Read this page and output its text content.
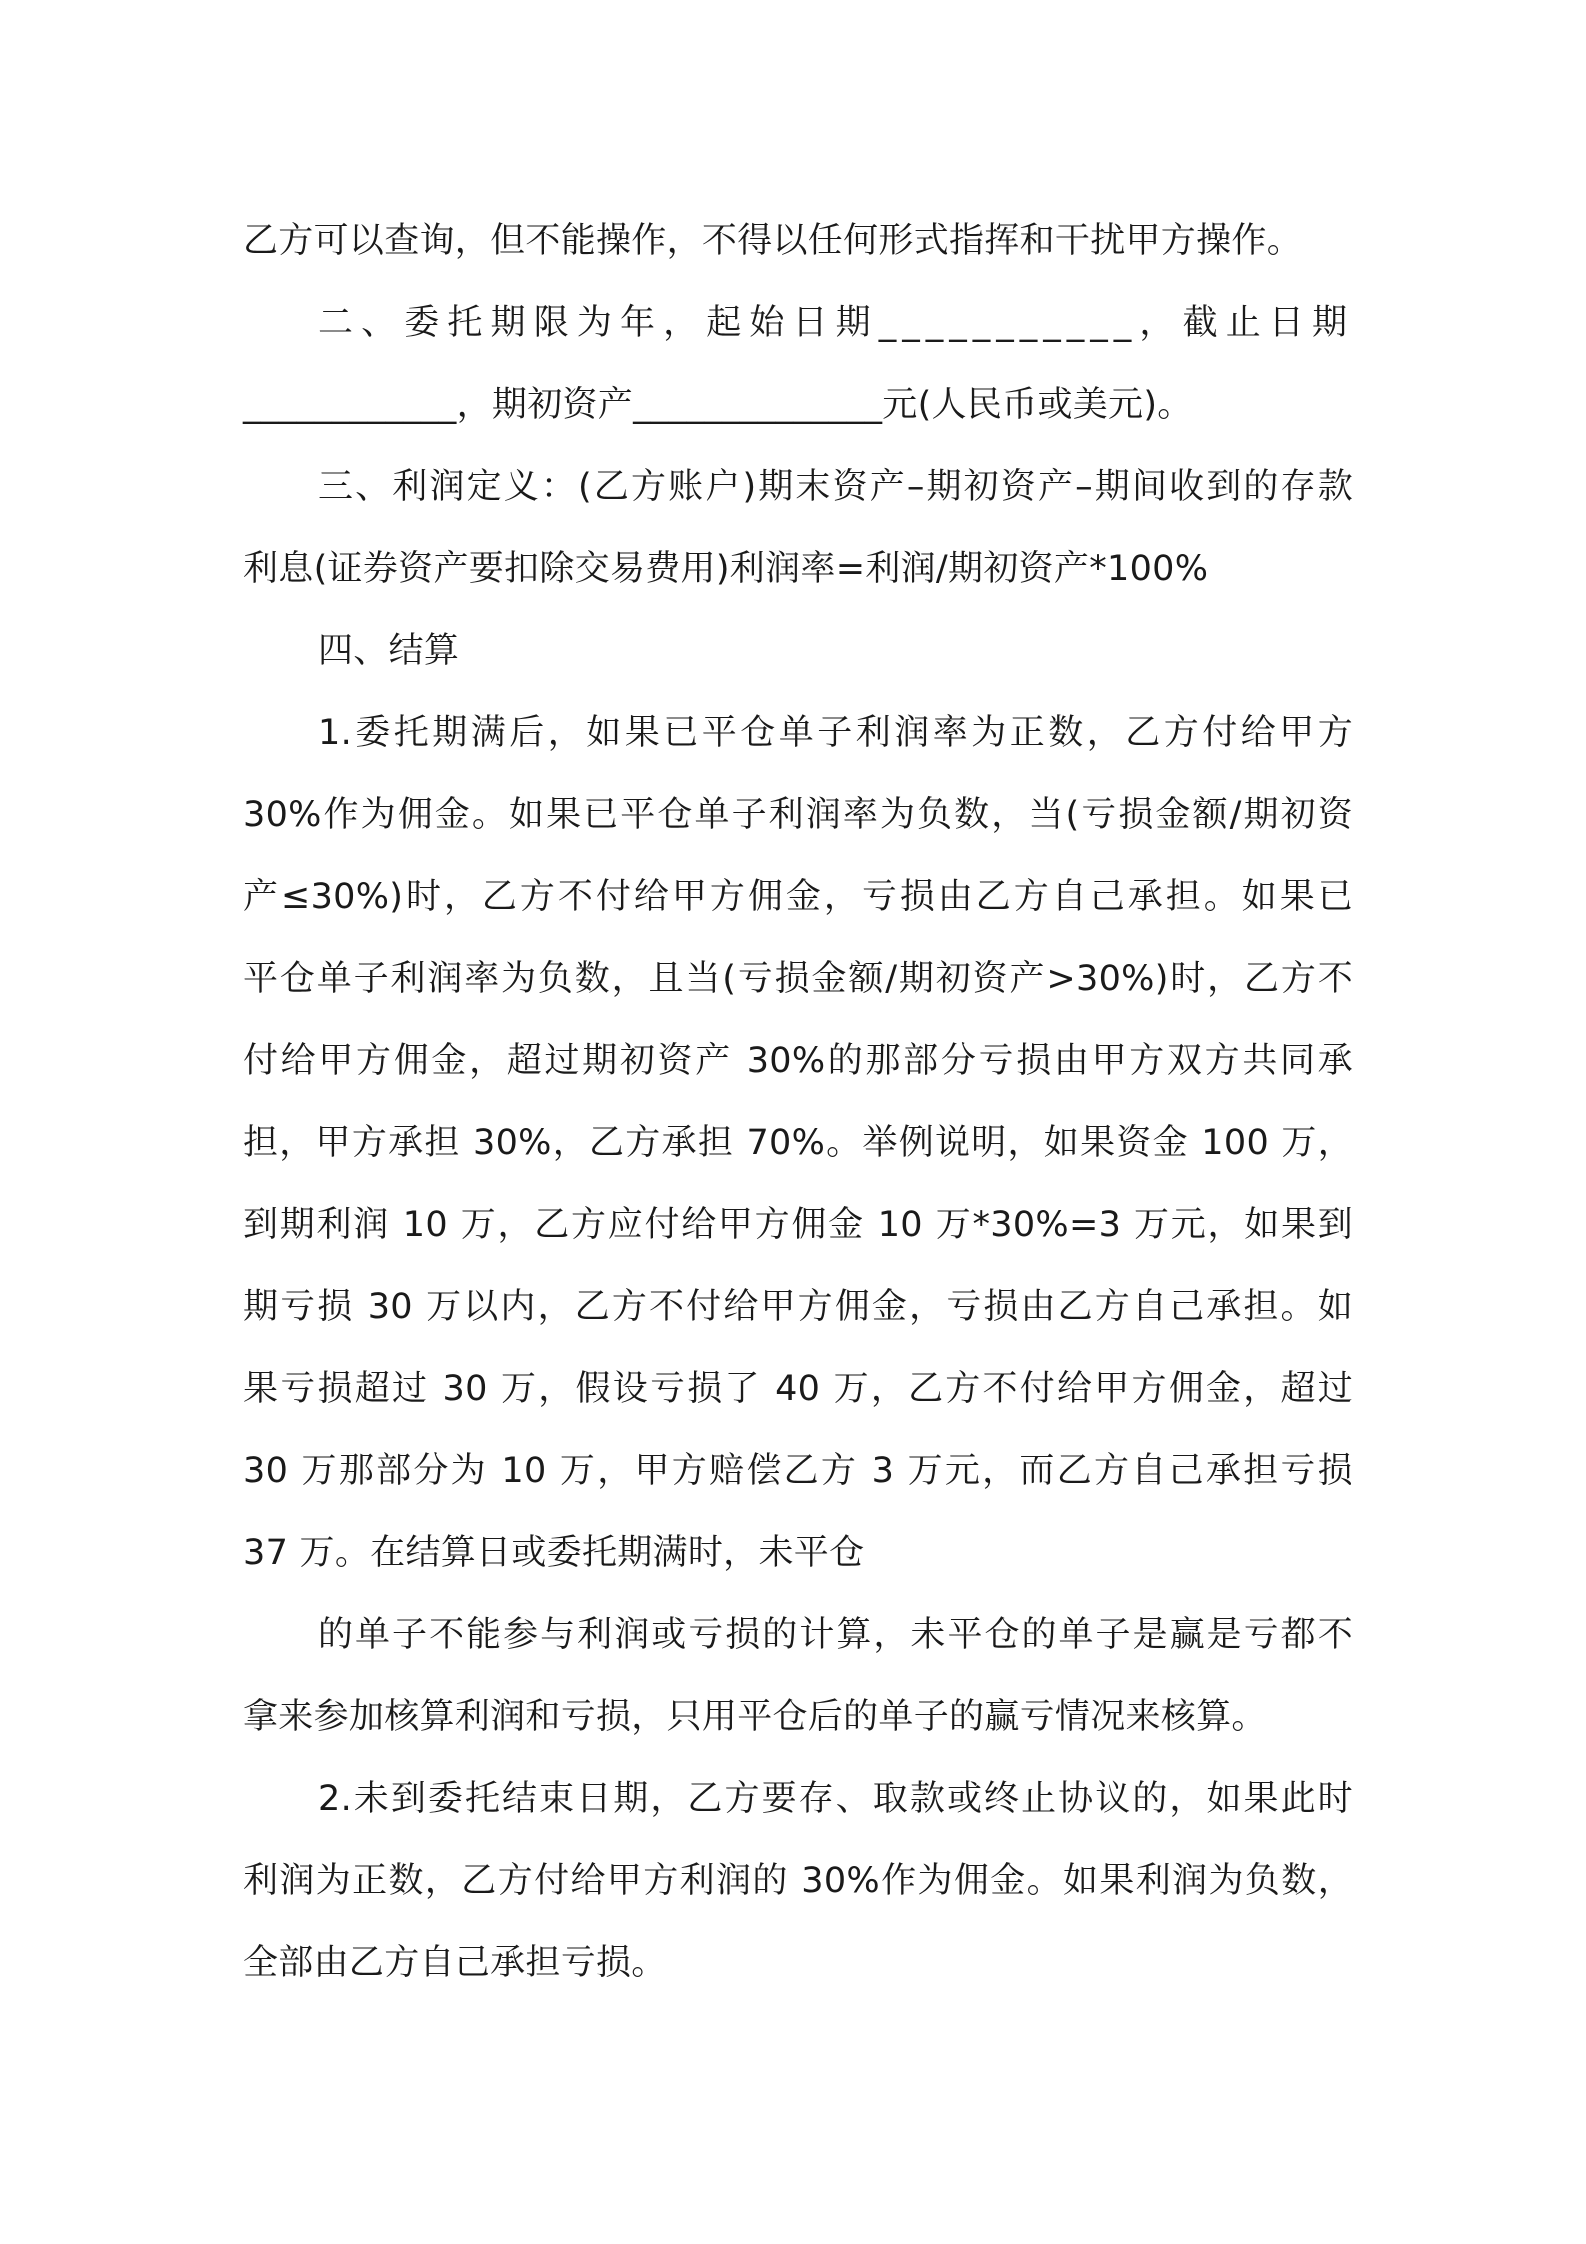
乙方可以查询，但不能操作，不得以任何形式指挥和干扰甲方操作。
二、委托期限为年，起始日期___________，截止日期
____________，期初资产______________元(人民币或美元)。
三、利润定义：(乙方账户)期末资产–期初资产–期间收到的存款
利息(证券资产要扣除交易费用)利润率=利润/期初资产*100%
四、结算
1.委托期满后，如果已平仓单子利润率为正数，乙方付给甲方
30%作为佣金。如果已平仓单子利润率为负数，当(亏损金额/期初资
产≤30%)时，乙方不付给甲方佣金，亏损由乙方自己承担。如果已
平仓单子利润率为负数，且当(亏损金额/期初资产>30%)时，乙方不
付给甲方佣金，超过期初资产 30%的那部分亏损由甲方双方共同承
担，甲方承担 30%，乙方承担 70%。举例说明，如果资金 100 万，
到期利润 10 万，乙方应付给甲方佣金 10 万*30%=3 万元，如果到
期亏损 30 万以内，乙方不付给甲方佣金，亏损由乙方自己承担。如
果亏损超过 30 万，假设亏损了 40 万，乙方不付给甲方佣金，超过
30 万那部分为 10 万，甲方赔偿乙方 3 万元，而乙方自己承担亏损
37 万。在结算日或委托期满时，未平仓
的单子不能参与利润或亏损的计算，未平仓的单子是赢是亏都不
拿来参加核算利润和亏损，只用平仓后的单子的赢亏情况来核算。
2.未到委托结束日期，乙方要存、取款或终止协议的，如果此时
利润为正数，乙方付给甲方利润的 30%作为佣金。如果利润为负数，
全部由乙方自己承担亏损。
